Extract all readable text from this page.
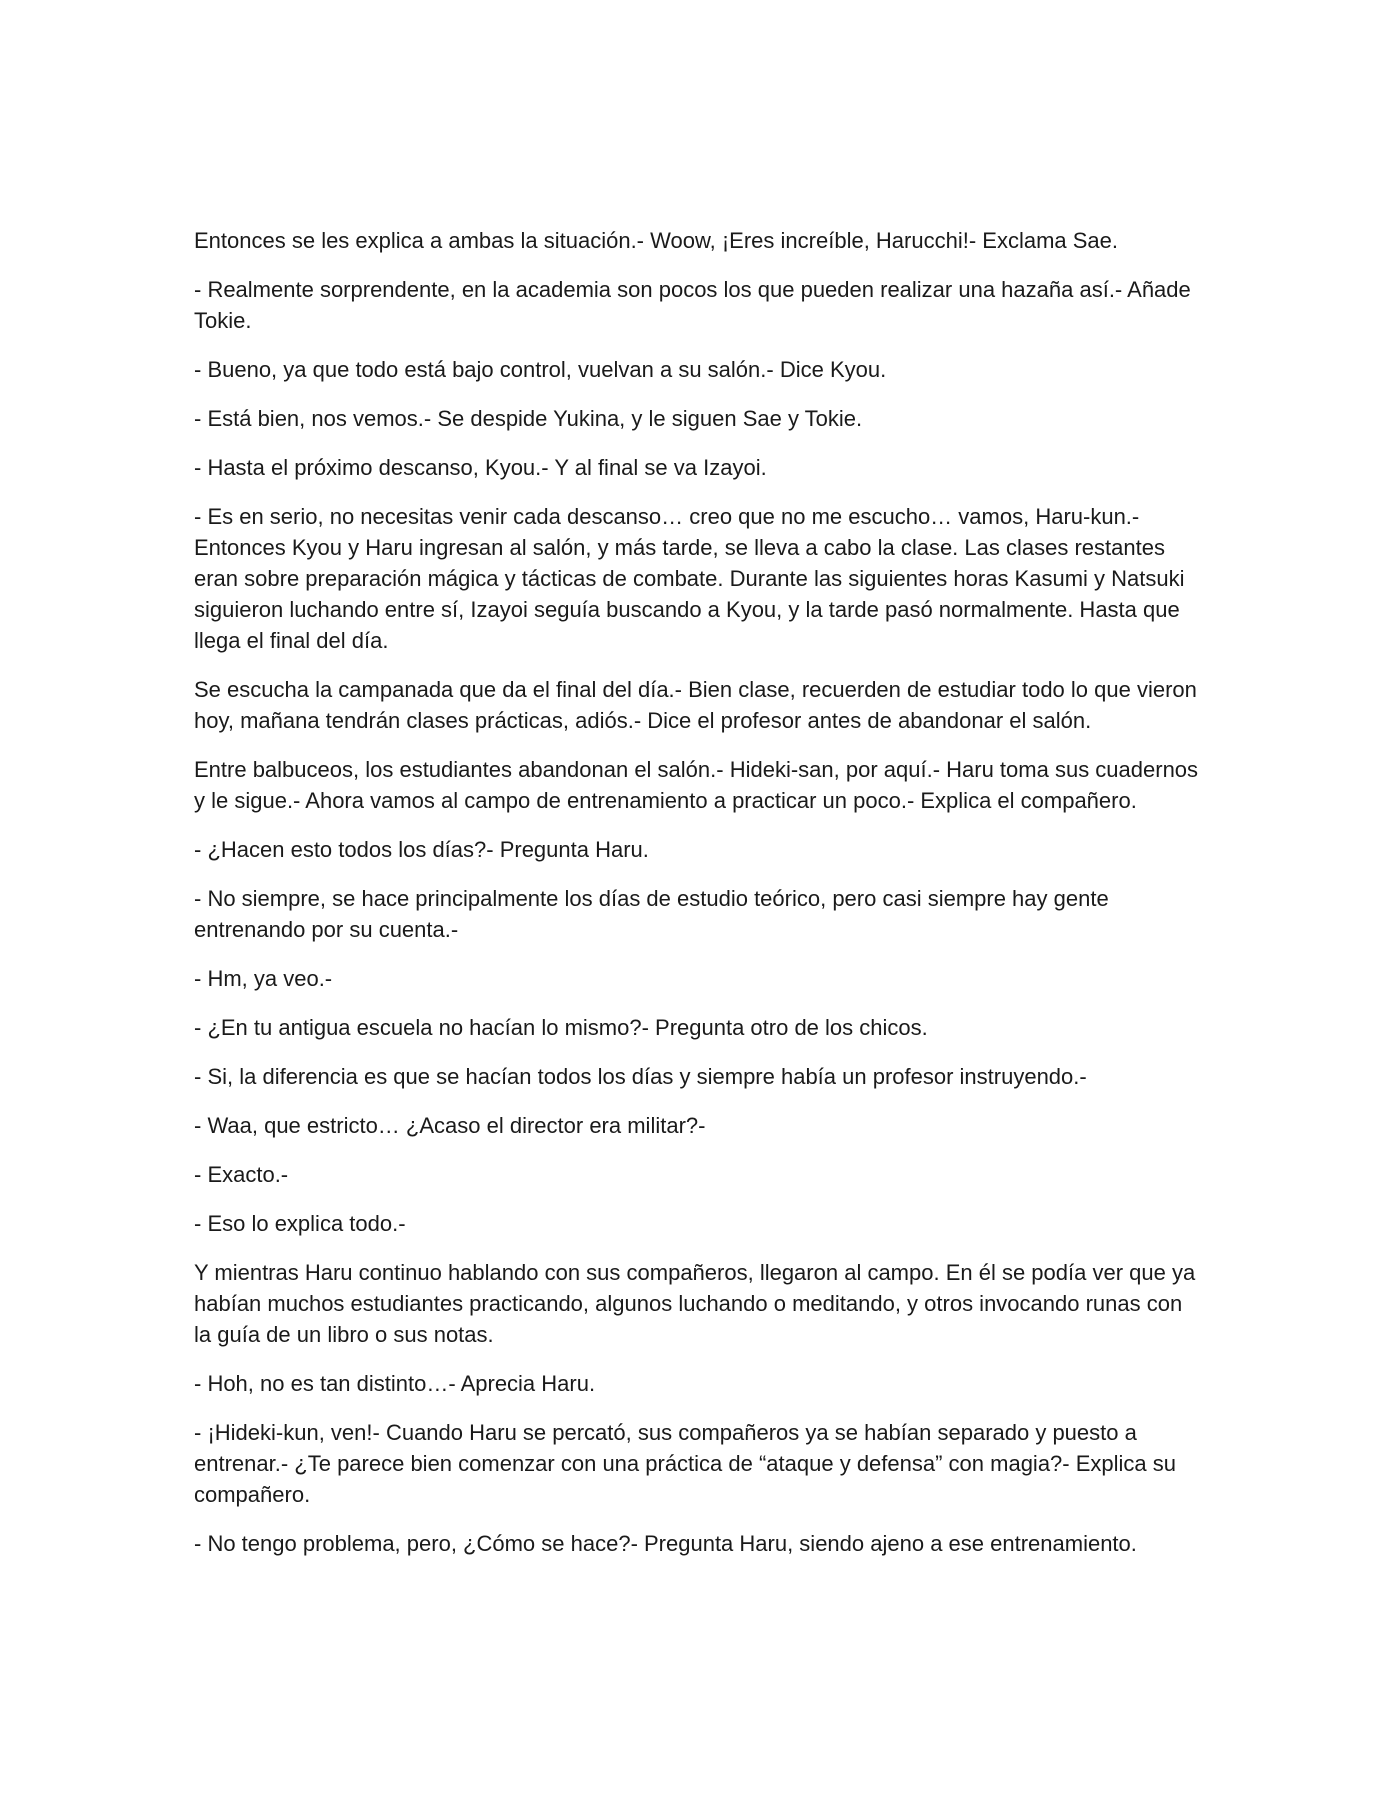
Entonces se les explica a ambas la situación.- Woow, ¡Eres increíble, Harucchi!- Exclama Sae.

- Realmente sorprendente, en la academia son pocos los que pueden realizar una hazaña así.- Añade Tokie.

- Bueno, ya que todo está bajo control, vuelvan a su salón.- Dice Kyou.

- Está bien, nos vemos.- Se despide Yukina, y le siguen Sae y Tokie.

- Hasta el próximo descanso, Kyou.- Y al final se va Izayoi.

- Es en serio, no necesitas venir cada descanso… creo que no me escucho… vamos, Haru-kun.- Entonces Kyou y Haru ingresan al salón, y más tarde, se lleva a cabo la clase. Las clases restantes eran sobre preparación mágica y tácticas de combate. Durante las siguientes horas Kasumi y Natsuki siguieron luchando entre sí, Izayoi seguía buscando a Kyou, y la tarde pasó normalmente. Hasta que llega el final del día.

Se escucha la campanada que da el final del día.- Bien clase, recuerden de estudiar todo lo que vieron hoy, mañana tendrán clases prácticas, adiós.- Dice el profesor antes de abandonar el salón.

Entre balbuceos, los estudiantes abandonan el salón.- Hideki-san, por aquí.- Haru toma sus cuadernos y le sigue.- Ahora vamos al campo de entrenamiento a practicar un poco.- Explica el compañero.

- ¿Hacen esto todos los días?- Pregunta Haru.

- No siempre, se hace principalmente los días de estudio teórico, pero casi siempre hay gente entrenando por su cuenta.-

- Hm, ya veo.-

- ¿En tu antigua escuela no hacían lo mismo?- Pregunta otro de los chicos.

- Si, la diferencia es que se hacían todos los días y siempre había un profesor instruyendo.-

- Waa, que estricto… ¿Acaso el director era militar?-

- Exacto.-

- Eso lo explica todo.-

Y mientras Haru continuo hablando con sus compañeros, llegaron al campo. En él se podía ver que ya habían muchos estudiantes practicando, algunos luchando o meditando, y otros invocando runas con la guía de un libro o sus notas.

- Hoh, no es tan distinto…- Aprecia Haru.

- ¡Hideki-kun, ven!- Cuando Haru se percató, sus compañeros ya se habían separado y puesto a entrenar.- ¿Te parece bien comenzar con una práctica de “ataque y defensa” con magia?- Explica su compañero.

- No tengo problema, pero, ¿Cómo se hace?- Pregunta Haru, siendo ajeno a ese entrenamiento.
